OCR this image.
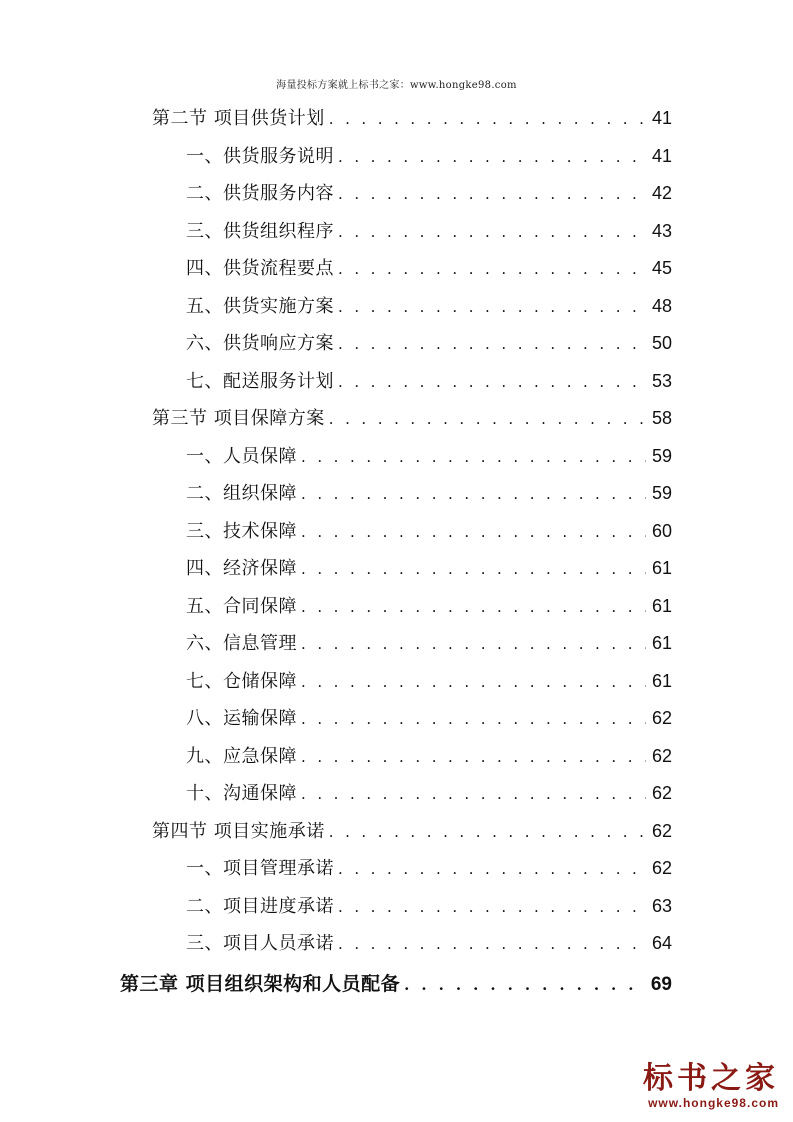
海量投标方案就上标书之家：www.hongke98.com
第二节 项目供货计划 . . .	41
一、供货服务说明 . . .	41
二、供货服务内容 . . .	42
三、供货组织程序 . . .	43
四、供货流程要点 . . .	45
五、供货实施方案 . . .	48
六、供货响应方案 . . .	50
七、配送服务计划 . . .	53
第三节 项目保障方案 . . .	58
一、人员保障 . . .	59
二、组织保障 . . .	59
三、技术保障 . . .	60
四、经济保障 . . .	61
五、合同保障 . . .	61
六、信息管理 . . .	61
七、仓储保障 . . .	61
八、运输保障 . . .	62
九、应急保障 . . .	62
十、沟通保障 . . .	62
第四节 项目实施承诺 . . .	62
一、项目管理承诺 . . .	62
二、项目进度承诺 . . .	63
三、项目人员承诺 . . .	64
第三章 项目组织架构和人员配备 . . .	69
标书之家
www.hongke98.com
